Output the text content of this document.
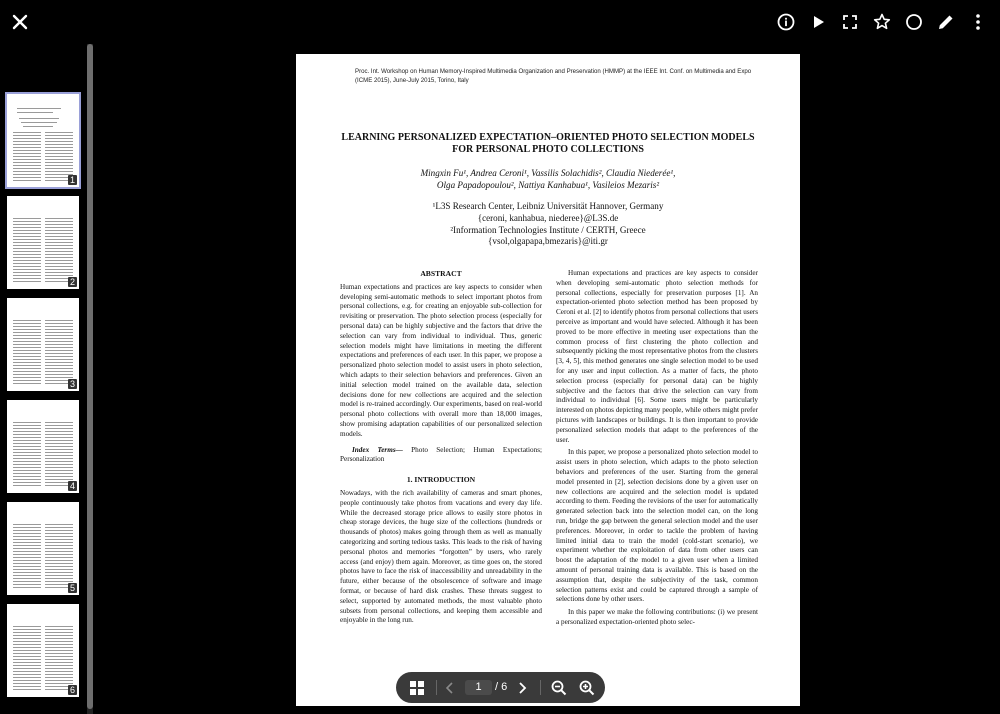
1
2
3
4
5
6
Proc. Int. Workshop on Human Memory-Inspired Multimedia Organization and Preservation (HMMP) at the IEEE Int. Conf. on Multimedia and Expo (ICME 2015), June-July 2015, Torino, Italy
LEARNING PERSONALIZED EXPECTATION–ORIENTED PHOTO SELECTION MODELS
FOR PERSONAL PHOTO COLLECTIONS
Mingxin Fu¹, Andrea Ceroni¹, Vassilis Solachidis², Claudia Niederée¹,
Olga Papadopoulou², Nattiya Kanhabua¹, Vasileios Mezaris²
¹L3S Research Center, Leibniz Universität Hannover, Germany
{ceroni, kanhabua, niederee}@L3S.de
²Information Technologies Institute / CERTH, Greece
{vsol,olgapapa,bmezaris}@iti.gr
ABSTRACT

Human expectations and practices are key aspects to consider when developing semi-automatic methods to select important photos from personal collections, e.g. for creating an enjoyable sub-collection for revisiting or preservation. The photo selection process (especially for personal data) can be highly subjective and the factors that drive the selection can vary from individual to individual. Thus, generic selection models might have limitations in meeting the different expectations and preferences of each user. In this paper, we propose a personalized photo selection model to assist users in photo selection, which adapts to their selection behaviors and preferences. Given an initial selection model trained on the available data, selection decisions done for new collections are acquired and the selection model is re-trained accordingly. Our experiments, based on real-world personal photo collections with overall more than 18,000 images, show promising adaptation capabilities of our personalized selection models.

Index Terms— Photo Selection; Human Expectations; Personalization

1. INTRODUCTION

Nowadays, with the rich availability of cameras and smart phones, people continuously take photos from vacations and every day life. While the decreased storage price allows to easily store photos in cheap storage devices, the huge size of the collections (hundreds or thousands of photos) makes going through them as well as manually categorizing and sorting tedious tasks. This leads to the risk of having personal photos and memories “forgotten” by users, who rarely access (and enjoy) them again. Moreover, as time goes on, the stored photos have to face the risk of inaccessibility and unreadability in the future, either because of the obsolescence of software and image format, or because of hard disk crashes. These threats suggest to select, supported by automated methods, the most valuable photo subsets from personal collections, and keeping them accessible and enjoyable in the long run.

Human expectations and practices are key aspects to consider when developing semi-automatic photo selection methods for personal collections, especially for preservation purposes [1]. An expectation-oriented photo selection method has been proposed by Ceroni et al. [2] to identify photos from personal collections that users perceive as important and would have selected. Although it has been proved to be more effective in meeting user expectations than the common process of first clustering the photo collection and subsequently picking the most representative photos from the clusters [3, 4, 5], this method generates one single selection model to be used for any user and input collection. As a matter of facts, the photo selection process (especially for personal data) can be highly subjective and the factors that drive the selection can vary from individual to individual [6]. Some users might be particularly interested on photos depicting many people, while others might prefer pictures with landscapes or buildings. It is then important to provide personalized selection models that adapt to the preferences of the user.

In this paper, we propose a personalized photo selection model to assist users in photo selection, which adapts to the photo selection behaviors and preferences of the user. Starting from the general model presented in [2], selection decisions done by a given user on new collections are acquired and the selection model is updated according to them. Feeding the revisions of the user for automatically generated selection back into the selection model can, on the long run, bridge the gap between the general selection model and the user preferences. Moreover, in order to tackle the problem of having limited initial data to train the model (cold-start scenario), we experiment whether the exploitation of data from other users can boost the adaptation of the model to a given user when a limited amount of personal training data is available. This is based on the assumption that, despite the subjectivity of the task, common selection patterns exist and could be captured through a sample of selections done by other users.

In this paper we make the following contributions: (i) we present a personalized expectation-oriented photo selec-

1	/ 6
